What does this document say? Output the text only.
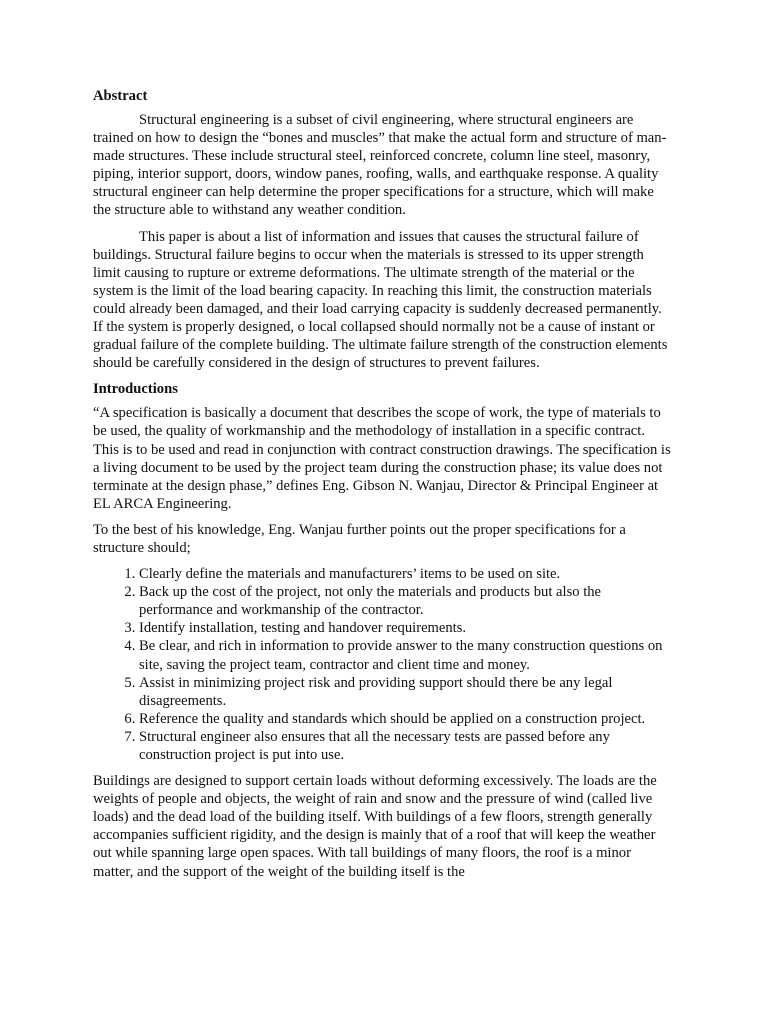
Abstract

Structural engineering is a subset of civil engineering, where structural engineers are trained on how to design the “bones and muscles” that make the actual form and structure of man-made structures. These include structural steel, reinforced concrete, column line steel, masonry, piping, interior support, doors, window panes, roofing, walls, and earthquake response. A quality structural engineer can help determine the proper specifications for a structure, which will make the structure able to withstand any weather condition.

This paper is about a list of information and issues that causes the structural failure of buildings. Structural failure begins to occur when the materials is stressed to its upper strength limit causing to rupture or extreme deformations. The ultimate strength of the material or the system is the limit of the load bearing capacity. In reaching this limit, the construction materials could already been damaged, and their load carrying capacity is suddenly decreased permanently. If the system is properly designed, o local collapsed should normally not be a cause of instant or gradual failure of the complete building. The ultimate failure strength of the construction elements should be carefully considered in the design of structures to prevent failures.

Introductions

“A specification is basically a document that describes the scope of work, the type of materials to be used, the quality of workmanship and the methodology of installation in a specific contract. This is to be used and read in conjunction with contract construction drawings. The specification is a living document to be used by the project team during the construction phase; its value does not terminate at the design phase,” defines Eng. Gibson N. Wanjau, Director & Principal Engineer at EL ARCA Engineering.

To the best of his knowledge, Eng. Wanjau further points out the proper specifications for a structure should;

1. Clearly define the materials and manufacturers’ items to be used on site.
2. Back up the cost of the project, not only the materials and products but also the performance and workmanship of the contractor.
3. Identify installation, testing and handover requirements.
4. Be clear, and rich in information to provide answer to the many construction questions on site, saving the project team, contractor and client time and money.
5. Assist in minimizing project risk and providing support should there be any legal disagreements.
6. Reference the quality and standards which should be applied on a construction project.
7. Structural engineer also ensures that all the necessary tests are passed before any construction project is put into use.

Buildings are designed to support certain loads without deforming excessively. The loads are the weights of people and objects, the weight of rain and snow and the pressure of wind (called live loads) and the dead load of the building itself. With buildings of a few floors, strength generally accompanies sufficient rigidity, and the design is mainly that of a roof that will keep the weather out while spanning large open spaces. With tall buildings of many floors, the roof is a minor matter, and the support of the weight of the building itself is the
